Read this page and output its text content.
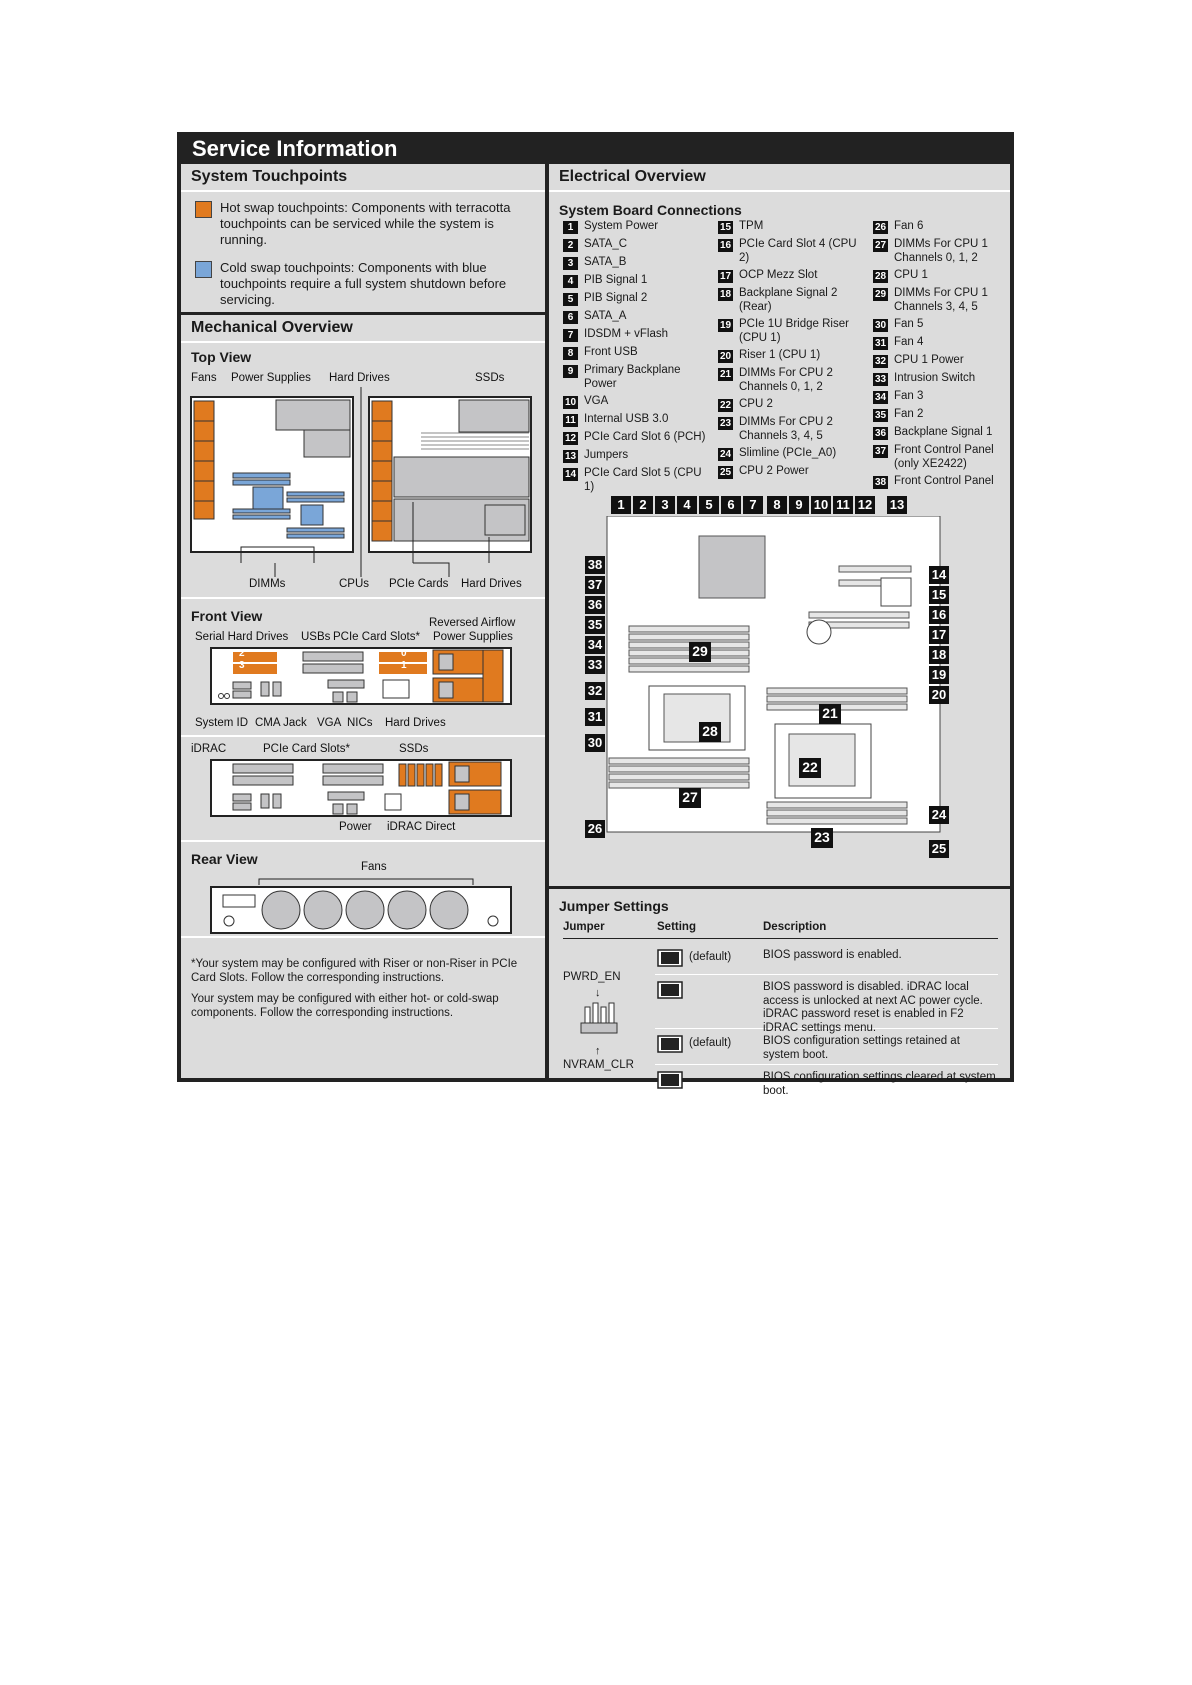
Service Information
System Touchpoints
Hot swap touchpoints: Components with terracotta touchpoints can be serviced while the system is running.
Cold swap touchpoints: Components with blue touchpoints require a full system shutdown before servicing.
Mechanical Overview
Top View
Fans Power Supplies Hard Drives	SSDs
DIMMs	CPUs PCIe Cards Hard Drives
Front View	Reversed Airflow
Serial Hard Drives USBs PCIe Card Slots* Power Supplies
2
3
0
1
System ID CMA Jack VGA NICs Hard Drives
iDRAC	PCIe Card Slots*	SSDs
Power iDRAC Direct
Rear View	Fans
*Your system may be configured with Riser or non-Riser in PCIe Card Slots. Follow the corresponding instructions.
Your system may be configured with either hot- or cold-swap components. Follow the corresponding instructions.
Electrical Overview
System Board Connections
1 System Power
2 SATA_C
3 SATA_B
4 PIB Signal 1
5 PIB Signal 2
6 SATA_A
7 IDSDM + vFlash
8 Front USB
9 Primary Backplane Power
10 VGA
11 Internal USB 3.0
12 PCIe Card Slot 6 (PCH)
13 Jumpers
14 PCIe Card Slot 5 (CPU 1)
15 TPM
16 PCIe Card Slot 4 (CPU 2)
17 OCP Mezz Slot
18 Backplane Signal 2 (Rear)
19 PCIe 1U Bridge Riser (CPU 1)
20 Riser 1 (CPU 1)
21 DIMMs For CPU 2 Channels 0, 1, 2
22 CPU 2
23 DIMMs For CPU 2 Channels 3, 4, 5
24 Slimline (PCIe_A0)
25 CPU 2 Power
26 Fan 6
27 DIMMs For CPU 1 Channels 0, 1, 2
28 CPU 1
29 DIMMs For CPU 1 Channels 3, 4, 5
30 Fan 5
31 Fan 4
32 CPU 1 Power
33 Intrusion Switch
34 Fan 3
35 Fan 2
36 Backplane Signal 1
37 Front Control Panel (only XE2422)
38 Front Control Panel
1	2	3	4	5	6	7	8	9 10 11 12 13
14
15
16
17
18
19
20
24
25
38
37
36
35
34
33
32
31
30
26
29
28
21
22
27
23
Jumper Settings
Jumper	Setting	Description
PWRD_EN
↓
↑
NVRAM_CLR
(default)	BIOS password is enabled.
BIOS password is disabled. iDRAC local access is unlocked at next AC power cycle. iDRAC password reset is enabled in F2 iDRAC settings menu.
(default)	BIOS configuration settings retained at system boot.
BIOS configuration settings cleared at system boot.
